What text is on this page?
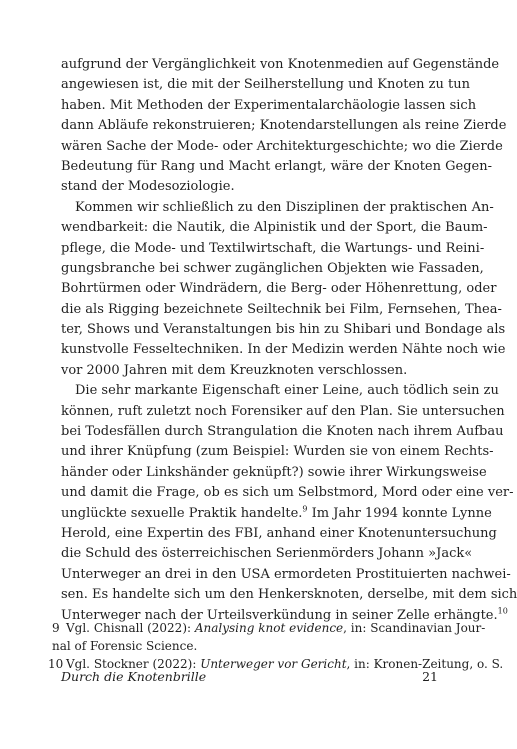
aufgrund der Vergänglichkeit von Knotenmedien auf Gegenstände
angewiesen ist, die mit der Seilherstellung und Knoten zu tun
haben. Mit Methoden der Experimentalarchäologie lassen sich
dann Abläufe rekonstruieren; Knotendarstellungen als reine Zierde
wären Sache der Mode- oder Architekturgeschichte; wo die Zierde
Bedeutung für Rang und Macht erlangt, wäre der Knoten Gegen-
stand der Modesoziologie.
Kommen wir schließlich zu den Disziplinen der praktischen An-
wendbarkeit: die Nautik, die Alpinistik und der Sport, die Baum-
pflege, die Mode- und Textilwirtschaft, die Wartungs- und Reini-
gungsbranche bei schwer zugänglichen Objekten wie Fassaden,
Bohrtürmen oder Windrädern, die Berg- oder Höhenrettung, oder
die als Rigging bezeichnete Seiltechnik bei Film, Fernsehen, Thea-
ter, Shows und Veranstaltungen bis hin zu Shibari und Bondage als
kunstvolle Fesseltechniken. In der Medizin werden Nähte noch wie
vor 2000 Jahren mit dem Kreuzknoten verschlossen.
Die sehr markante Eigenschaft einer Leine, auch tödlich sein zu
können, ruft zuletzt noch Forensiker auf den Plan. Sie untersuchen
bei Todesfällen durch Strangulation die Knoten nach ihrem Aufbau
und ihrer Knüpfung (zum Beispiel: Wurden sie von einem Rechts-
händer oder Linkshänder geknüpft?) sowie ihrer Wirkungsweise
und damit die Frage, ob es sich um Selbstmord, Mord oder eine ver-
unglückte sexuelle Praktik handelte.$^9$ Im Jahr 1994 konnte Lynne
Herold, eine Expertin des FBI, anhand einer Knotenuntersuchung
die Schuld des österreichischen Serienmörders Johann »Jack«
Unterweger an drei in den USA ermordeten Prostituierten nachwei-
sen. Es handelte sich um den Henkersknoten, derselbe, mit dem sich
Unterweger nach der Urteilsverkündung in seiner Zelle erhängte.$^{10}$
9 Vgl. Chisnall (2022): Analysing knot evidence, in: Scandinavian Jour-
nal of Forensic Science.
10 Vgl. Stockner (2022): Unterweger vor Gericht, in: Kronen-Zeitung, o. S.
Durch die Knotenbrille	21
